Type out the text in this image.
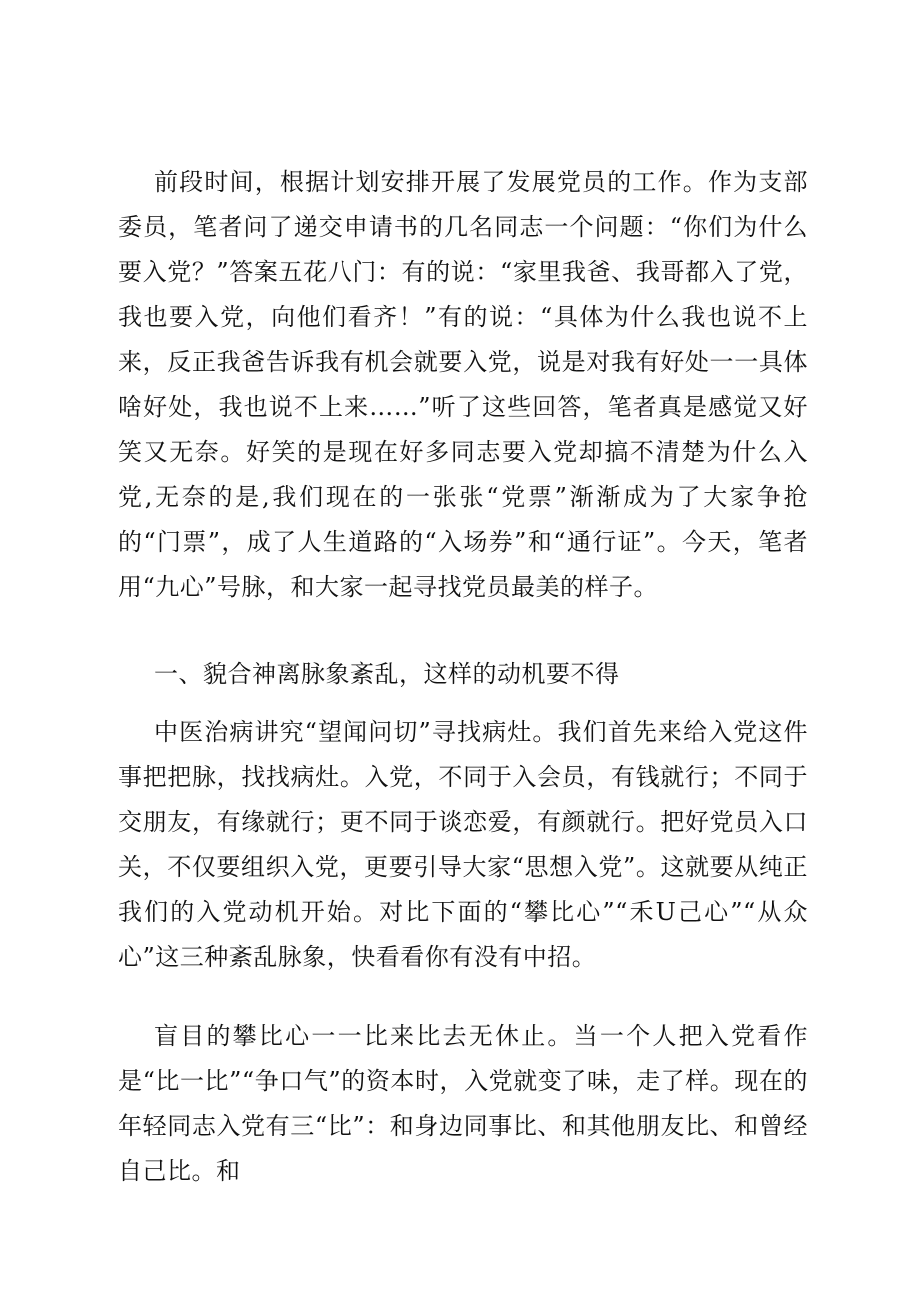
前段时间，根据计划安排开展了发展党员的工作。作为支部委员，笔者问了递交申请书的几名同志一个问题：“你们为什么要入党？”答案五花八门：有的说：“家里我爸、我哥都入了党，我也要入党，向他们看齐！”有的说：“具体为什么我也说不上来，反正我爸告诉我有机会就要入党，说是对我有好处一一具体啥好处，我也说不上来……”听了这些回答，笔者真是感觉又好笑又无奈。好笑的是现在好多同志要入党却搞不清楚为什么入党,无奈的是,我们现在的一张张“党票”渐渐成为了大家争抢的“门票”，成了人生道路的“入场券”和“通行证”。今天，笔者用“九心”号脉，和大家一起寻找党员最美的样子。

一、貌合神离脉象紊乱，这样的动机要不得

中医治病讲究“望闻问切”寻找病灶。我们首先来给入党这件事把把脉，找找病灶。入党，不同于入会员，有钱就行；不同于交朋友，有缘就行；更不同于谈恋爱，有颜就行。把好党员入口关，不仅要组织入党，更要引导大家“思想入党”。这就要从纯正我们的入党动机开始。对比下面的“攀比心”“禾U己心”“从众心”这三种紊乱脉象，快看看你有没有中招。

盲目的攀比心一一比来比去无休止。当一个人把入党看作是“比一比”“争口气”的资本时，入党就变了味，走了样。现在的年轻同志入党有三“比”：和身边同事比、和其他朋友比、和曾经自己比。和
